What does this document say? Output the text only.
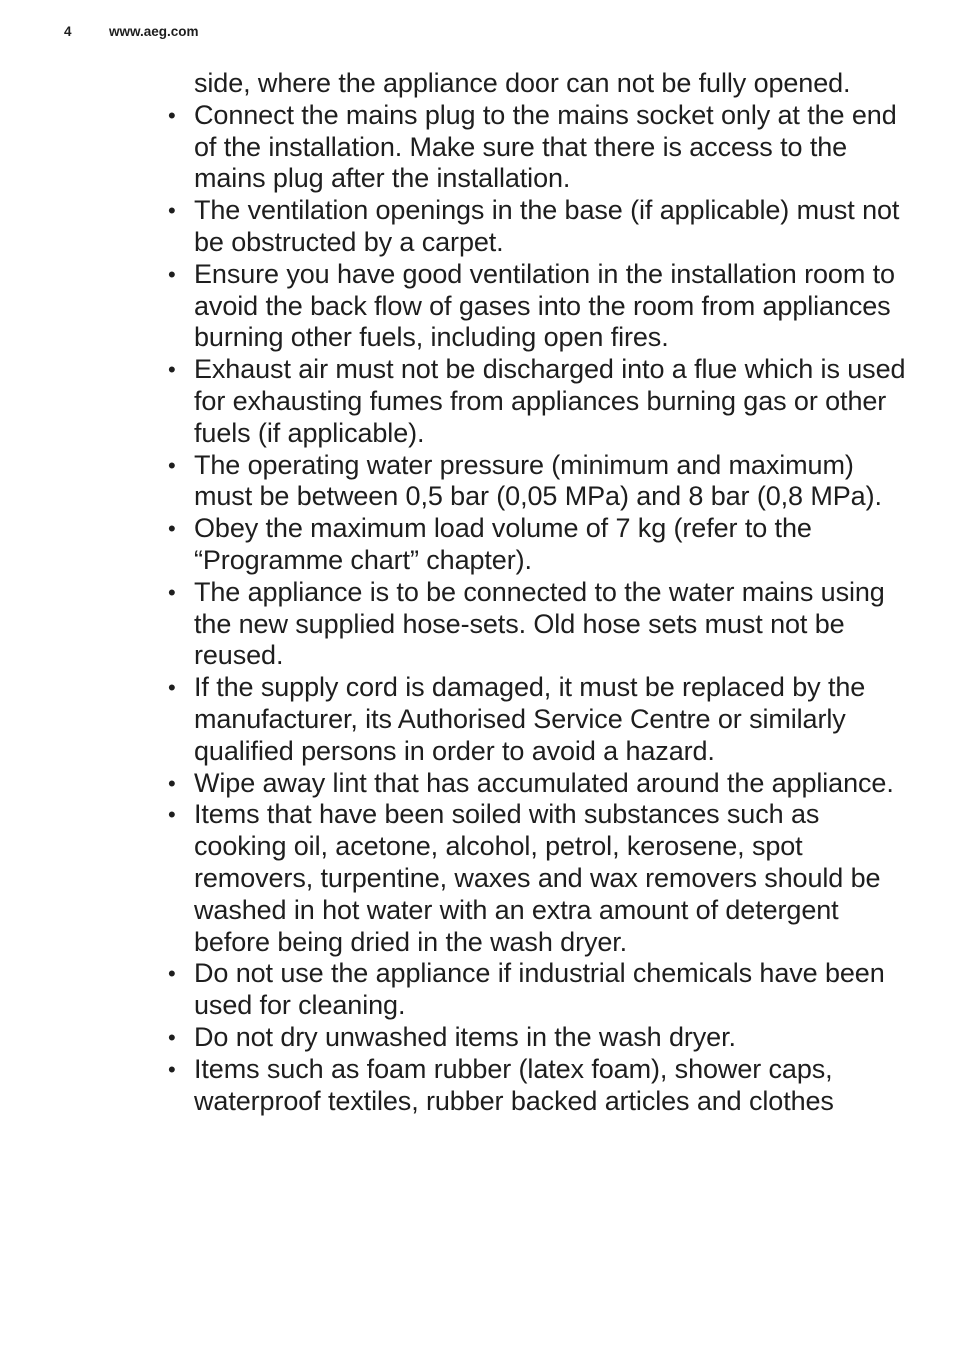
4	www.aeg.com

side, where the appliance door can not be fully opened.

• Connect the mains plug to the mains socket only at the end of the installation. Make sure that there is access to the mains plug after the installation.
• The ventilation openings in the base (if applicable) must not be obstructed by a carpet.
• Ensure you have good ventilation in the installation room to avoid the back flow of gases into the room from appliances burning other fuels, including open fires.
• Exhaust air must not be discharged into a flue which is used for exhausting fumes from appliances burning gas or other fuels (if applicable).
• The operating water pressure (minimum and maximum) must be between 0,5 bar (0,05 MPa) and 8 bar (0,8 MPa).
• Obey the maximum load volume of 7 kg (refer to the “Programme chart” chapter).
• The appliance is to be connected to the water mains using the new supplied hose-sets. Old hose sets must not be reused.
• If the supply cord is damaged, it must be replaced by the manufacturer, its Authorised Service Centre or similarly qualified persons in order to avoid a hazard.
• Wipe away lint that has accumulated around the appliance.
• Items that have been soiled with substances such as cooking oil, acetone, alcohol, petrol, kerosene, spot removers, turpentine, waxes and wax removers should be washed in hot water with an extra amount of detergent before being dried in the wash dryer.
• Do not use the appliance if industrial chemicals have been used for cleaning.
• Do not dry unwashed items in the wash dryer.
• Items such as foam rubber (latex foam), shower caps, waterproof textiles, rubber backed articles and clothes
